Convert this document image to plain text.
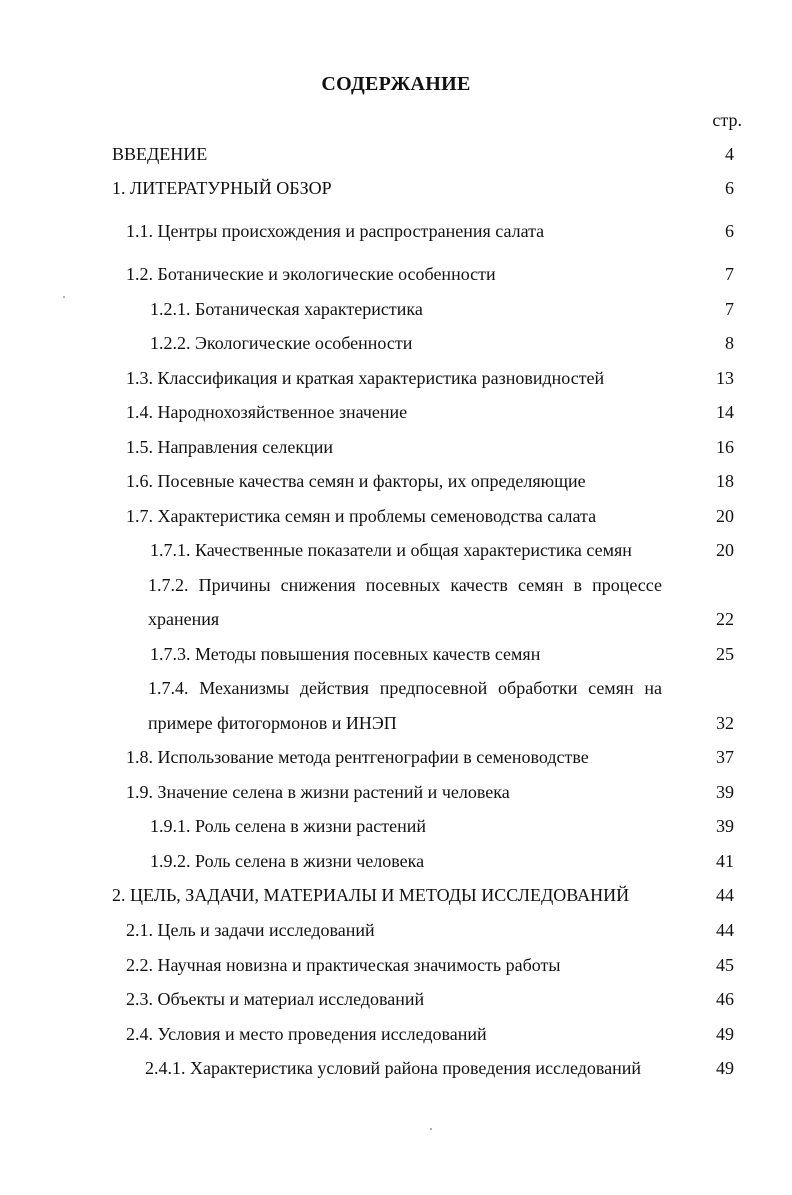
СОДЕРЖАНИЕ
стр.
ВВЕДЕНИЕ	4
1. ЛИТЕРАТУРНЫЙ ОБЗОР	6
1.1. Центры происхождения и распространения салата	6
1.2. Ботанические и экологические особенности	7
1.2.1. Ботаническая характеристика	7
1.2.2. Экологические особенности	8
1.3. Классификация и краткая характеристика разновидностей	13
1.4. Народнохозяйственное значение	14
1.5. Направления селекции	16
1.6. Посевные качества семян и факторы, их определяющие	18
1.7. Характеристика семян и проблемы семеноводства салата	20
1.7.1. Качественные показатели и общая характеристика семян	20
1.7.2. Причины снижения посевных качеств семян в процессе
хранения	22
1.7.3. Методы повышения посевных качеств семян	25
1.7.4. Механизмы действия предпосевной обработки семян на
примере фитогормонов и ИНЭП	32
1.8. Использование метода рентгенографии в семеноводстве	37
1.9. Значение селена в жизни растений и человека	39
1.9.1. Роль селена в жизни растений	39
1.9.2. Роль селена в жизни человека	41
2. ЦЕЛЬ, ЗАДАЧИ, МАТЕРИАЛЫ И МЕТОДЫ ИССЛЕДОВАНИЙ	44
2.1. Цель и задачи исследований	44
2.2. Научная новизна и практическая значимость работы	45
2.3. Объекты и материал исследований	46
2.4. Условия и место проведения исследований	49
2.4.1. Характеристика условий района проведения исследований	49
